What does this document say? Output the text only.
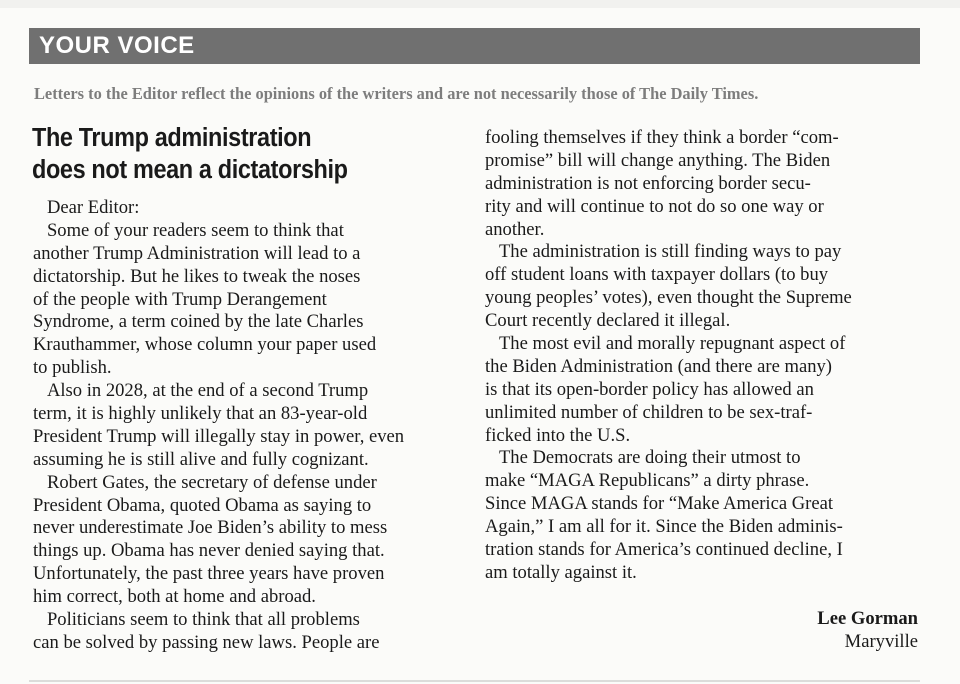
YOUR VOICE
Letters to the Editor reflect the opinions of the writers and are not necessarily those of The Daily Times.
The Trump administration
does not mean a dictatorship
Dear Editor:
Some of your readers seem to think that
another Trump Administration will lead to a
dictatorship. But he likes to tweak the noses
of the people with Trump Derangement
Syndrome, a term coined by the late Charles
Krauthammer, whose column your paper used
to publish.
Also in 2028, at the end of a second Trump
term, it is highly unlikely that an 83-year-old
President Trump will illegally stay in power, even
assuming he is still alive and fully cognizant.
Robert Gates, the secretary of defense under
President Obama, quoted Obama as saying to
never underestimate Joe Biden’s ability to mess
things up. Obama has never denied saying that.
Unfortunately, the past three years have proven
him correct, both at home and abroad.
Politicians seem to think that all problems
can be solved by passing new laws. People are
fooling themselves if they think a border “com-
promise” bill will change anything. The Biden
administration is not enforcing border secu-
rity and will continue to not do so one way or
another.
The administration is still finding ways to pay
off student loans with taxpayer dollars (to buy
young peoples’ votes), even thought the Supreme
Court recently declared it illegal.
The most evil and morally repugnant aspect of
the Biden Administration (and there are many)
is that its open-border policy has allowed an
unlimited number of children to be sex-traf-
ficked into the U.S.
The Democrats are doing their utmost to
make “MAGA Republicans” a dirty phrase.
Since MAGA stands for “Make America Great
Again,” I am all for it. Since the Biden adminis-
tration stands for America’s continued decline, I
am totally against it.
Lee Gorman
Maryville
